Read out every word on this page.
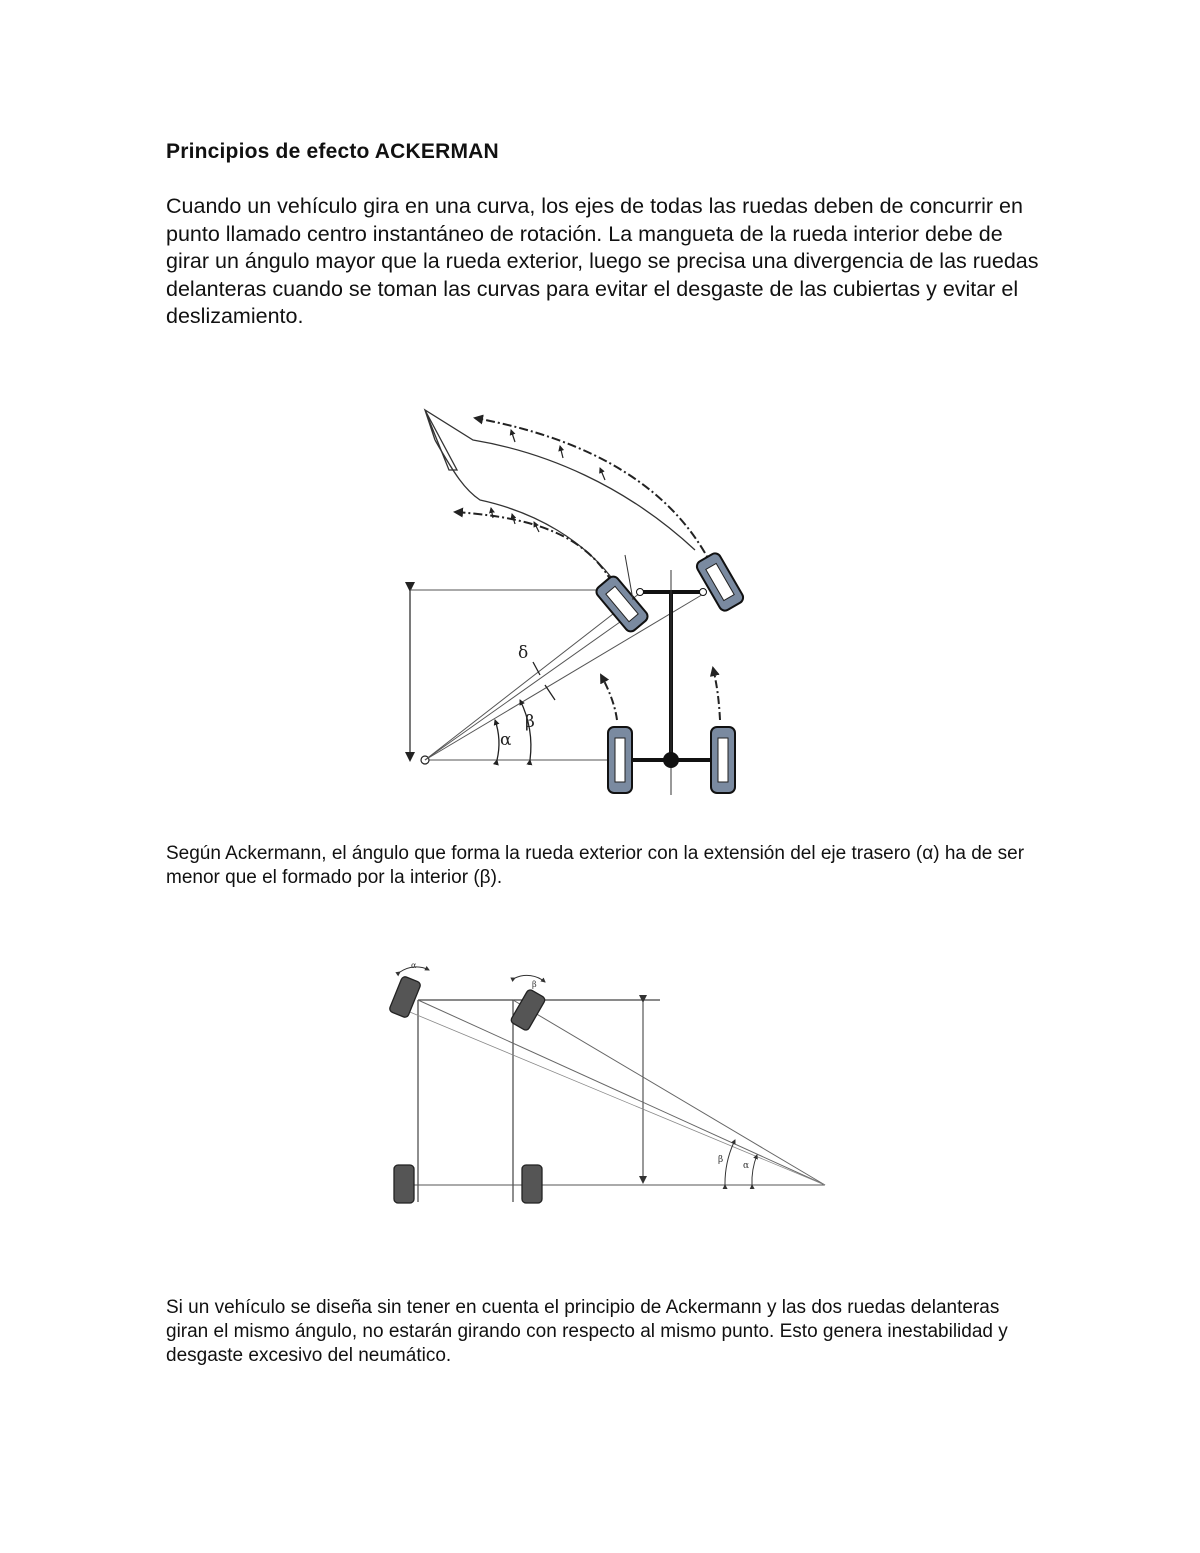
Principios de efecto ACKERMAN

Cuando un vehículo gira en una curva, los ejes de todas las ruedas deben de concurrir en punto llamado centro instantáneo de rotación. La mangueta de la rueda interior debe de girar un ángulo mayor que la rueda exterior, luego se precisa una divergencia de las ruedas delanteras cuando se toman las curvas para evitar el desgaste de las cubiertas y evitar el deslizamiento.

δ
β
α

Según Ackermann, el ángulo que forma la rueda exterior con la extensión del eje trasero (α) ha de ser menor que el formado por la interior (β).

β
α
α
β

Si un vehículo se diseña sin tener en cuenta el principio de Ackermann y las dos ruedas delanteras giran el mismo ángulo, no estarán girando con respecto al mismo punto. Esto genera inestabilidad y desgaste excesivo del neumático.
